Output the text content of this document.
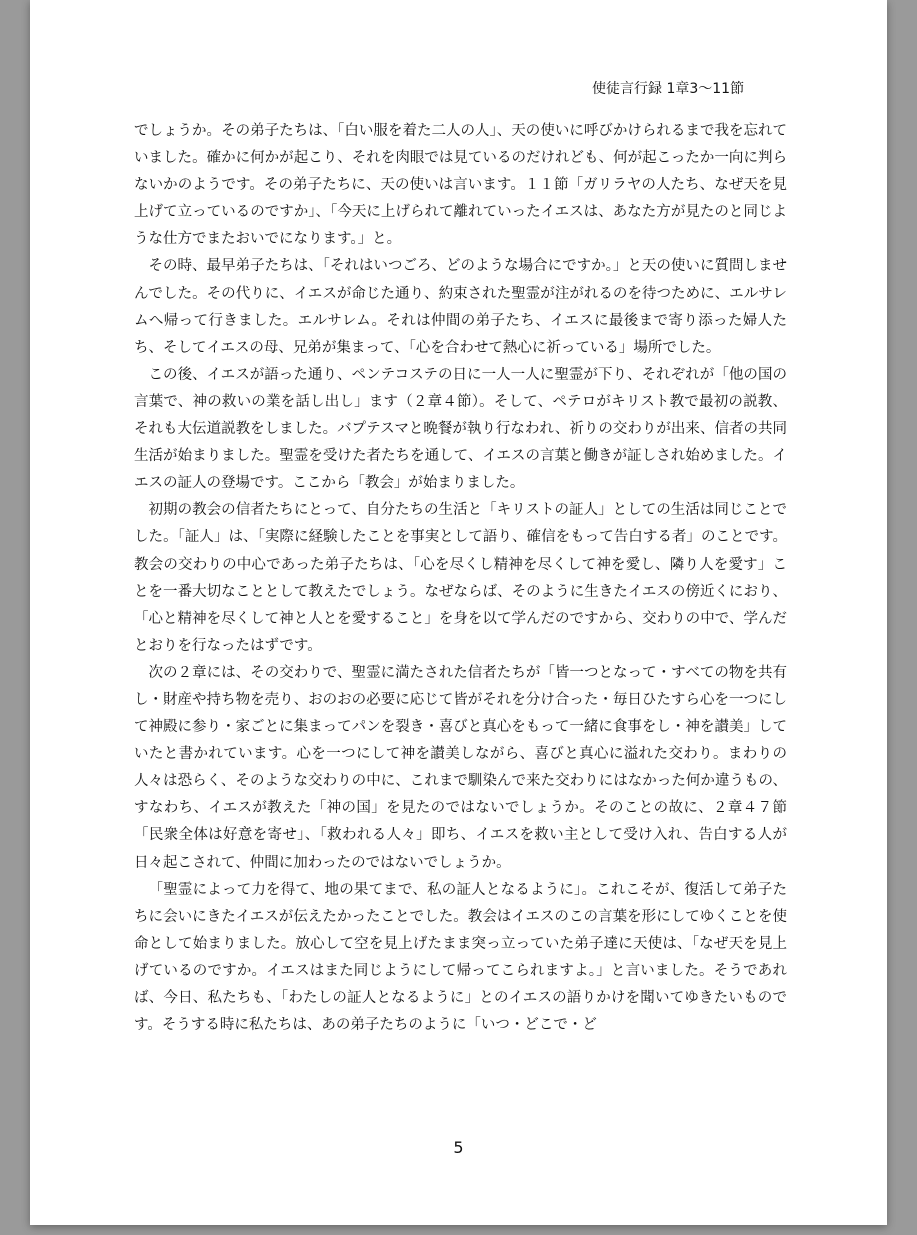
使徒言行録 1章3〜11節

でしょうか。その弟子たちは、「白い服を着た二人の人」、天の使いに呼びかけられるまで我を忘れていました。確かに何かが起こり、それを肉眼では見ているのだけれども、何が起こったか一向に判らないかのようです。その弟子たちに、天の使いは言います。１１節「ガリラヤの人たち、なぜ天を見上げて立っているのですか」、「今天に上げられて離れていったイエスは、あなた方が見たのと同じような仕方でまたおいでになります。」と。

その時、最早弟子たちは、「それはいつごろ、どのような場合にですか。」と天の使いに質問しませんでした。その代りに、イエスが命じた通り、約束された聖霊が注がれるのを待つために、エルサレムへ帰って行きました。エルサレム。それは仲間の弟子たち、イエスに最後まで寄り添った婦人たち、そしてイエスの母、兄弟が集まって、「心を合わせて熱心に祈っている」場所でした。

この後、イエスが語った通り、ペンテコステの日に一人一人に聖霊が下り、それぞれが「他の国の言葉で、神の救いの業を話し出し」ます（２章４節）。そして、ペテロがキリスト教で最初の説教、それも大伝道説教をしました。バプテスマと晩餐が執り行なわれ、祈りの交わりが出来、信者の共同生活が始まりました。聖霊を受けた者たちを通して、イエスの言葉と働きが証しされ始めました。イエスの証人の登場です。ここから「教会」が始まりました。

初期の教会の信者たちにとって、自分たちの生活と「キリストの証人」としての生活は同じことでした。「証人」は、「実際に経験したことを事実として語り、確信をもって告白する者」のことです。教会の交わりの中心であった弟子たちは、「心を尽くし精神を尽くして神を愛し、隣り人を愛す」ことを一番大切なこととして教えたでしょう。なぜならば、そのように生きたイエスの傍近くにおり、「心と精神を尽くして神と人とを愛すること」を身を以て学んだのですから、交わりの中で、学んだとおりを行なったはずです。

次の２章には、その交わりで、聖霊に満たされた信者たちが「皆一つとなって・すべての物を共有し・財産や持ち物を売り、おのおの必要に応じて皆がそれを分け合った・毎日ひたすら心を一つにして神殿に参り・家ごとに集まってパンを裂き・喜びと真心をもって一緒に食事をし・神を讃美」していたと書かれています。心を一つにして神を讃美しながら、喜びと真心に溢れた交わり。まわりの人々は恐らく、そのような交わりの中に、これまで馴染んで来た交わりにはなかった何か違うもの、すなわち、イエスが教えた「神の国」を見たのではないでしょうか。そのことの故に、２章４７節「民衆全体は好意を寄せ」、「救われる人々」即ち、イエスを救い主として受け入れ、告白する人が日々起こされて、仲間に加わったのではないでしょうか。

「聖霊によって力を得て、地の果てまで、私の証人となるように」。これこそが、復活して弟子たちに会いにきたイエスが伝えたかったことでした。教会はイエスのこの言葉を形にしてゆくことを使命として始まりました。放心して空を見上げたまま突っ立っていた弟子達に天使は、「なぜ天を見上げているのですか。イエスはまた同じようにして帰ってこられますよ。」と言いました。そうであれば、今日、私たちも、「わたしの証人となるように」とのイエスの語りかけを聞いてゆきたいものです。そうする時に私たちは、あの弟子たちのように「いつ・どこで・ど

5
